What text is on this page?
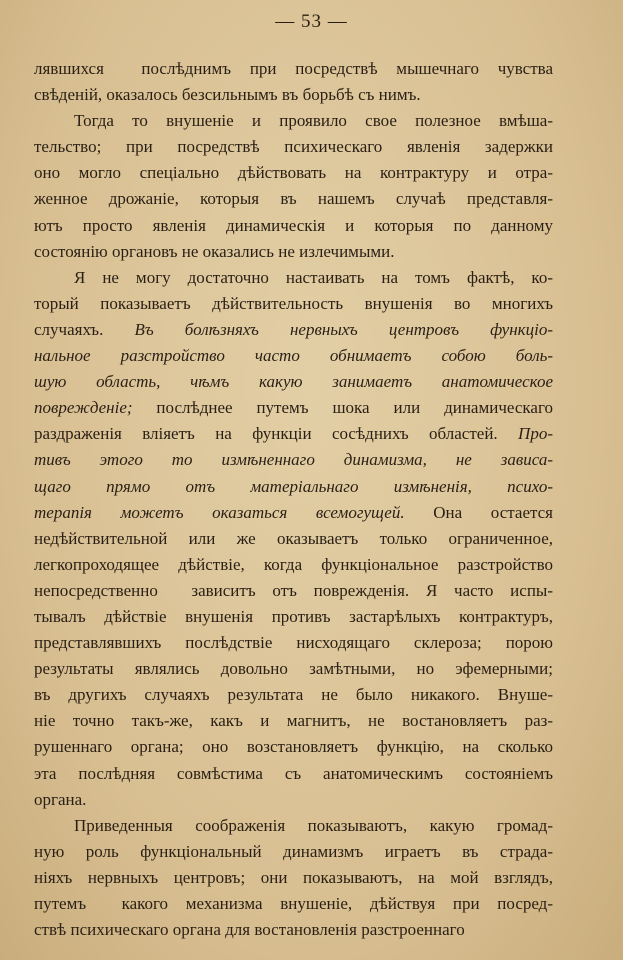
— 53 —
лявшихся  послѣднимъ при посредствѣ мышечнаго чувства
свѣденій, оказалось безсильнымъ въ борьбѣ съ нимъ.
Тогда то внушеніе и проявило свое полезное вмѣша-
тельство; при посредствѣ психическаго явленія задержки
оно могло спеціально дѣйствовать на контрактуру и отра-
женное дрожаніе, которыя въ нашемъ случаѣ представля-
ютъ просто явленія динамическія и которыя по данному
состоянію органовъ не оказались не излечимыми.
Я не могу достаточно настаивать на томъ фактѣ, ко-
торый показываетъ дѣйствительность внушенія во многихъ
случаяхъ. Въ болѣзняхъ нервныхъ центровъ функціо-
нальное разстройство часто обнимаетъ собою боль-
шую область, чѣмъ какую занимаетъ анатомическое
поврежденіе; послѣднее путемъ шока или динамическаго
раздраженія вліяетъ на функціи сосѣднихъ областей. Про-
тивъ этого то измѣненнаго динамизма, не зависа-
щаго прямо отъ матеріальнаго измѣненія, психо-
терапія можетъ оказаться всемогущей. Она остается
недѣйствительной или же оказываетъ только ограниченное,
легкопроходящее дѣйствіе, когда функціональное разстройство
непосредственно  зависитъ отъ поврежденія. Я часто испы-
тывалъ дѣйствіе внушенія противъ застарѣлыхъ контрактуръ,
представлявшихъ послѣдствіе нисходящаго склероза; порою
результаты являлись довольно замѣтными, но эфемерными;
въ другихъ случаяхъ результата не было никакого. Внуше-
ніе точно такъ-же, какъ и магнитъ, не востановляетъ раз-
рушеннаго органа; оно возстановляетъ функцію, на сколько
эта послѣдняя совмѣстима съ анатомическимъ состояніемъ
органа.
Приведенныя соображенія показываютъ, какую громад-
ную роль функціональный динамизмъ играетъ въ страда-
ніяхъ нервныхъ центровъ; они показываютъ, на мой взглядъ,
путемъ  какого механизма внушеніе, дѣйствуя при посред-
ствѣ психическаго органа для востановленія разстроеннаго
